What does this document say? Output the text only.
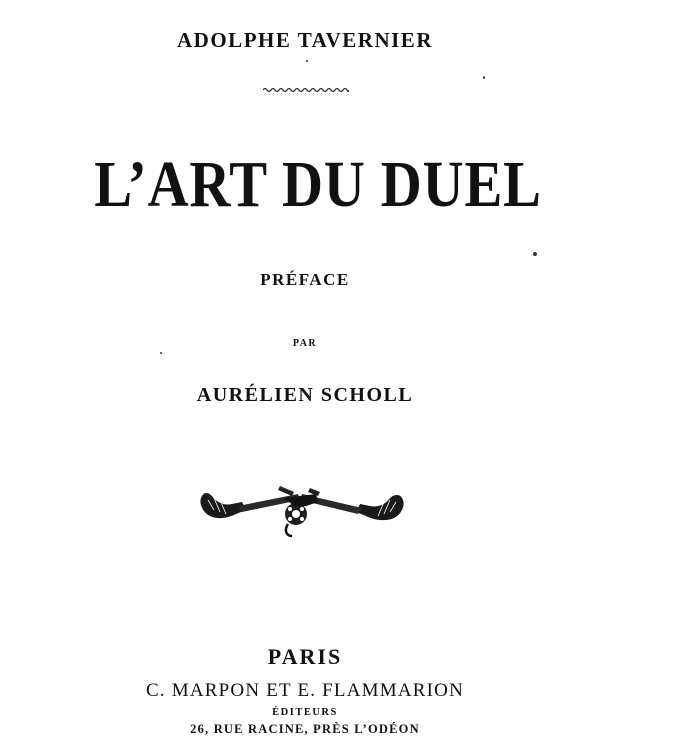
ADOLPHE TAVERNIER
L’ART DU DUEL
PRÉFACE
PAR
AURÉLIEN SCHOLL
PARIS
C. MARPON ET E. FLAMMARION
ÉDITEURS
26, RUE RACINE, PRÈS L’ODÉON
